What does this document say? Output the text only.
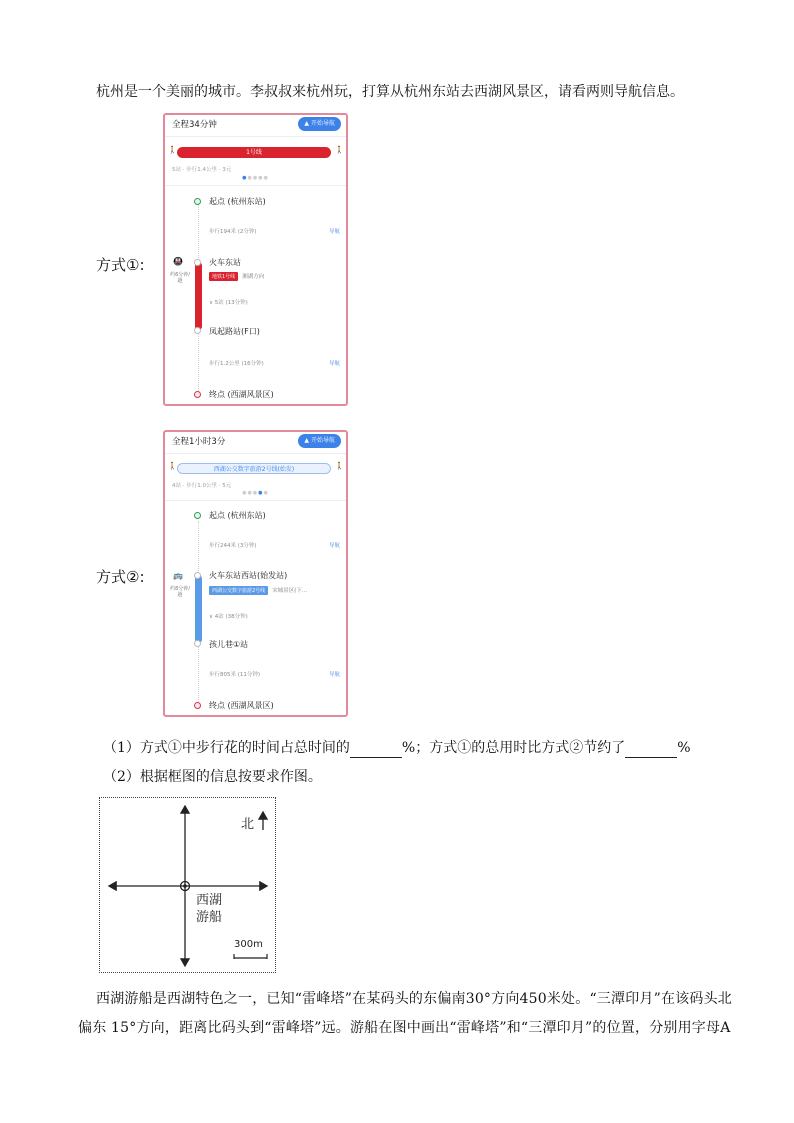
杭州是一个美丽的城市。李叔叔来杭州玩，打算从杭州东站去西湖风景区，请看两则导航信息。
方式①:
全程34分钟	▲ 开始导航
🚶	1号线	🚶
5站 · 步行1.4公里 · 3元
●●●●●
起点 (杭州东站)
步行194米 (2分钟)	导航
🚇
约6分钟/趟
火车东站
地铁1号线 湘湖方向
∨ 5站 (13分钟)
凤起路站(F口)
步行1.2公里 (16分钟)	导航
终点 (西湖风景区)
方式②:
全程1小时3分	▲ 开始导航
🚶	西湖公交数字旅游2号线(始发)	🚶
4站 · 步行1.0公里 · 5元
●●●●●
起点 (杭州东站)
步行244米 (3分钟)	导航
🚌
约8分钟/趟
火车东站西站(始发站)
西湖公交数字旅游2号线 宋城景区(下...
∨ 4站 (38分钟)
孩儿巷①站
步行805米 (11分钟)	导航
终点 (西湖风景区)
（1）方式①中步行花的时间占总时间的	%；方式①的总用时比方式②节约了	%
（2）根据框图的信息按要求作图。
北
西湖
游船
300m
西湖游船是西湖特色之一，已知“雷峰塔”在某码头的东偏南30°方向450米处。“三潭印月”在该码头北
偏东 15°方向，距离比码头到“雷峰塔”远。游船在图中画出“雷峰塔”和“三潭印月”的位置，分别用字母A
